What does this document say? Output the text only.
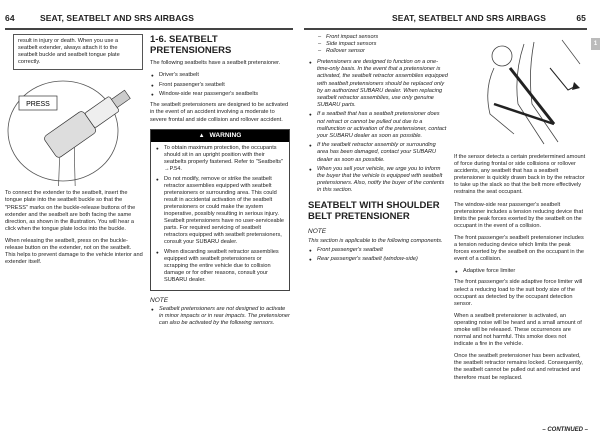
64	SEAT, SEATBELT AND SRS AIRBAGS
result in injury or death. When you use a seatbelt extender, always attach it to the seatbelt buckle and seatbelt tongue plate correctly.
PRESS

To connect the extender to the seatbelt, insert the tongue plate into the seatbelt buckle so that the "PRESS" marks on the buckle-release buttons of the extender and the seatbelt are both facing the same direction, as shown in the illustration. You will hear a click when the tongue plate locks into the buckle.

When releasing the seatbelt, press on the buckle-release button on the extender, not on the seatbelt. This helps to prevent damage to the vehicle interior and extender itself.

1-6. SEATBELT PRETENSIONERS

The following seatbelts have a seatbelt pretensioner.

● Driver's seatbelt
● Front passenger's seatbelt
● Window-side rear passenger's seatbelts

The seatbelt pretensioners are designed to be activated in the event of an accident involving a moderate to severe frontal and side collision and rollover accident.

▲ WARNING
● To obtain maximum protection, the occupants should sit in an upright position with their seatbelts properly fastened. Refer to "Seatbelts" →P.54.
● Do not modify, remove or strike the seatbelt retractor assemblies equipped with seatbelt pretensioners or surrounding area. This could result in accidental activation of the seatbelt pretensioners or could make the system inoperative, possibly resulting in serious injury. Seatbelt pretensioners have no user-serviceable parts. For required servicing of seatbelt retractors equipped with seatbelt pretensioners, consult your SUBARU dealer.
● When discarding seatbelt retractor assemblies equipped with seatbelt pretensioners or scrapping the entire vehicle due to collision damage or for other reasons, consult your SUBARU dealer.
NOTE
● Seatbelt pretensioners are not designed to activate in minor impacts or in rear impacts. The pretensioner can also be activated by the following sensors.
SEAT, SEATBELT AND SRS AIRBAGS	65
1
– Front impact sensors
– Side impact sensors
– Rollover sensor
● Pretensioners are designed to function on a one-time-only basis. In the event that a pretensioner is activated, the seatbelt retractor assemblies equipped with seatbelt pretensioners should be replaced only by an authorized SUBARU dealer. When replacing seatbelt retractor assemblies, use only genuine SUBARU parts.
● If a seatbelt that has a seatbelt pretensioner does not retract or cannot be pulled out due to a malfunction or activation of the pretensioner, contact your SUBARU dealer as soon as possible.
● If the seatbelt retractor assembly or surrounding area has been damaged, contact your SUBARU dealer as soon as possible.
● When you sell your vehicle, we urge you to inform the buyer that the vehicle is equipped with seatbelt pretensioners. Also, notify the buyer of the contents in this section.
SEATBELT WITH SHOULDER BELT PRETENSIONER
NOTE

This section is applicable to the following components.

● Front passenger's seatbelt
● Rear passenger's seatbelt (window-side)

If the sensor detects a certain predetermined amount of force during frontal or side collisions or rollover accidents, any seatbelt that has a seatbelt pretensioner is quickly drawn back in by the retractor to take up the slack so that the belt more effectively restrains the seat occupant.

The window-side rear passenger's seatbelt pretensioner includes a tension reducing device that limits the peak forces exerted by the seatbelt on the occupant in the event of a collision.

The front passenger's seatbelt pretensioner includes a tension reducing device which limits the peak forces exerted by the seatbelt on the occupant in the event of a collision.

● Adaptive force limiter

The front passenger's side adaptive force limiter will select a reducing load to the suit body size of the occupant as detected by the occupant detection sensor.

When a seatbelt pretensioner is activated, an operating noise will be heard and a small amount of smoke will be released. These occurrences are normal and not harmful. This smoke does not indicate a fire in the vehicle.

Once the seatbelt pretensioner has been activated, the seatbelt retractor remains locked. Consequently, the seatbelt cannot be pulled out and retracted and therefore must be replaced.

– CONTINUED –
